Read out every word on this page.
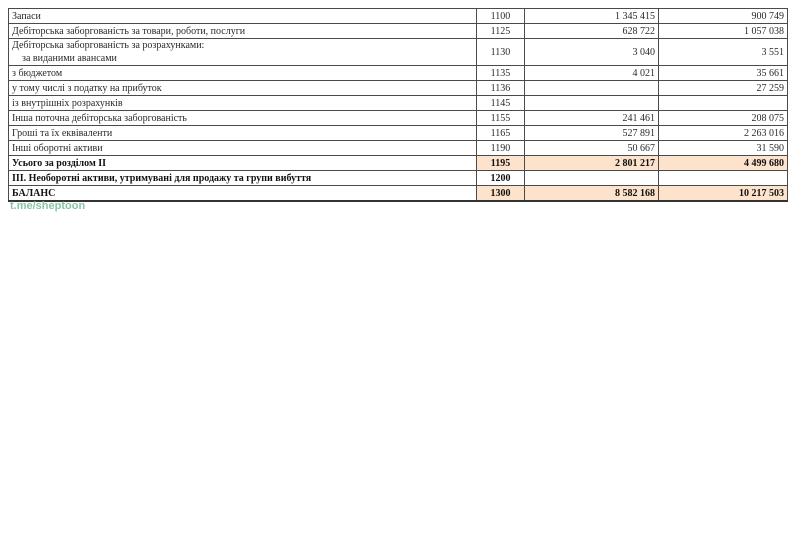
Запаси	1100	1 345 415	900 749
Дебіторська заборгованість за товари, роботи, послуги	1125	628 722	1 057 038
Дебіторська заборгованість за розрахунками:
за виданими авансами	1130	3 040	3 551
з бюджетом	1135	4 021	35 661
у тому числі з податку на прибуток	1136		27 259
із внутрішніх розрахунків	1145		
Інша поточна дебіторська заборгованість	1155	241 461	208 075
Гроші та їх еквіваленти	1165	527 891	2 263 016
Інші оборотні активи	1190	50 667	31 590
Усього за розділом II	1195	2 801 217	4 499 680
ІІІ. Необоротні активи, утримувані для продажу та групи вибуття	1200		
БАЛАНС	1300	8 582 168	10 217 503
t.me/sheptoon
